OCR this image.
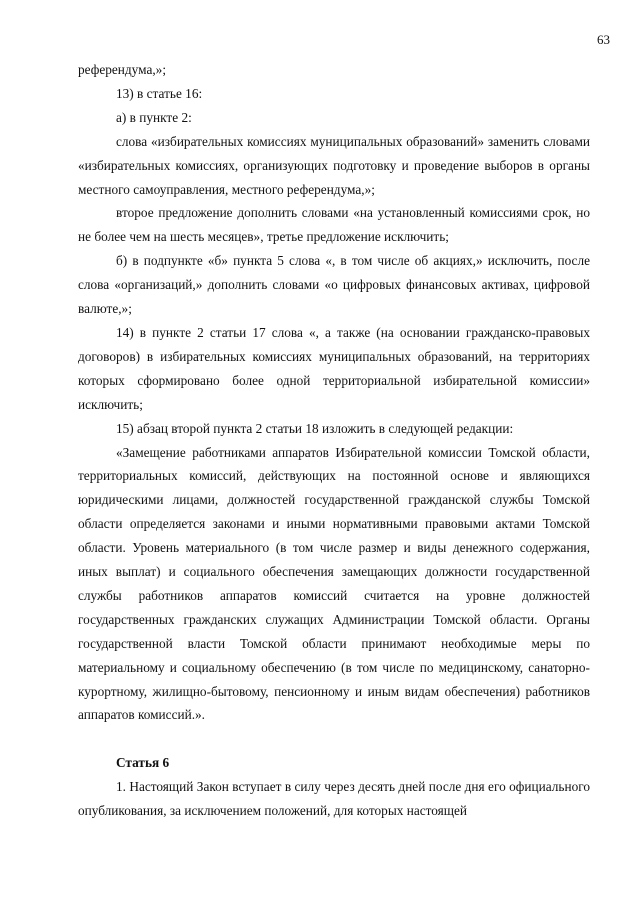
63

референдума,»;

13) в статье 16:

а) в пункте 2:

слова «избирательных комиссиях муниципальных образований» заменить словами «избирательных комиссиях, организующих подготовку и проведение выборов в органы местного самоуправления, местного референдума,»;

второе предложение дополнить словами «на установленный комиссиями срок, но не более чем на шесть месяцев», третье предложение исключить;

б) в подпункте «б» пункта 5 слова «, в том числе об акциях,» исключить, после слова «организаций,» дополнить словами «о цифровых финансовых активах, цифровой валюте,»;

14) в пункте 2 статьи 17 слова «, а также (на основании гражданско-правовых договоров) в избирательных комиссиях муниципальных образований, на территориях которых сформировано более одной территориальной избирательной комиссии» исключить;

15) абзац второй пункта 2 статьи 18 изложить в следующей редакции:

«Замещение работниками аппаратов Избирательной комиссии Томской области, территориальных комиссий, действующих на постоянной основе и являющихся юридическими лицами, должностей государственной гражданской службы Томской области определяется законами и иными нормативными правовыми актами Томской области. Уровень материального (в том числе размер и виды денежного содержания, иных выплат) и социального обеспечения замещающих должности государственной службы работников аппаратов комиссий считается на уровне должностей государственных гражданских служащих Администрации Томской области. Органы государственной власти Томской области принимают необходимые меры по материальному и социальному обеспечению (в том числе по медицинскому, санаторно-курортному, жилищно-бытовому, пенсионному и иным видам обеспечения) работников аппаратов комиссий.».

Статья 6

1. Настоящий Закон вступает в силу через десять дней после дня его официального опубликования, за исключением положений, для которых настоящей
